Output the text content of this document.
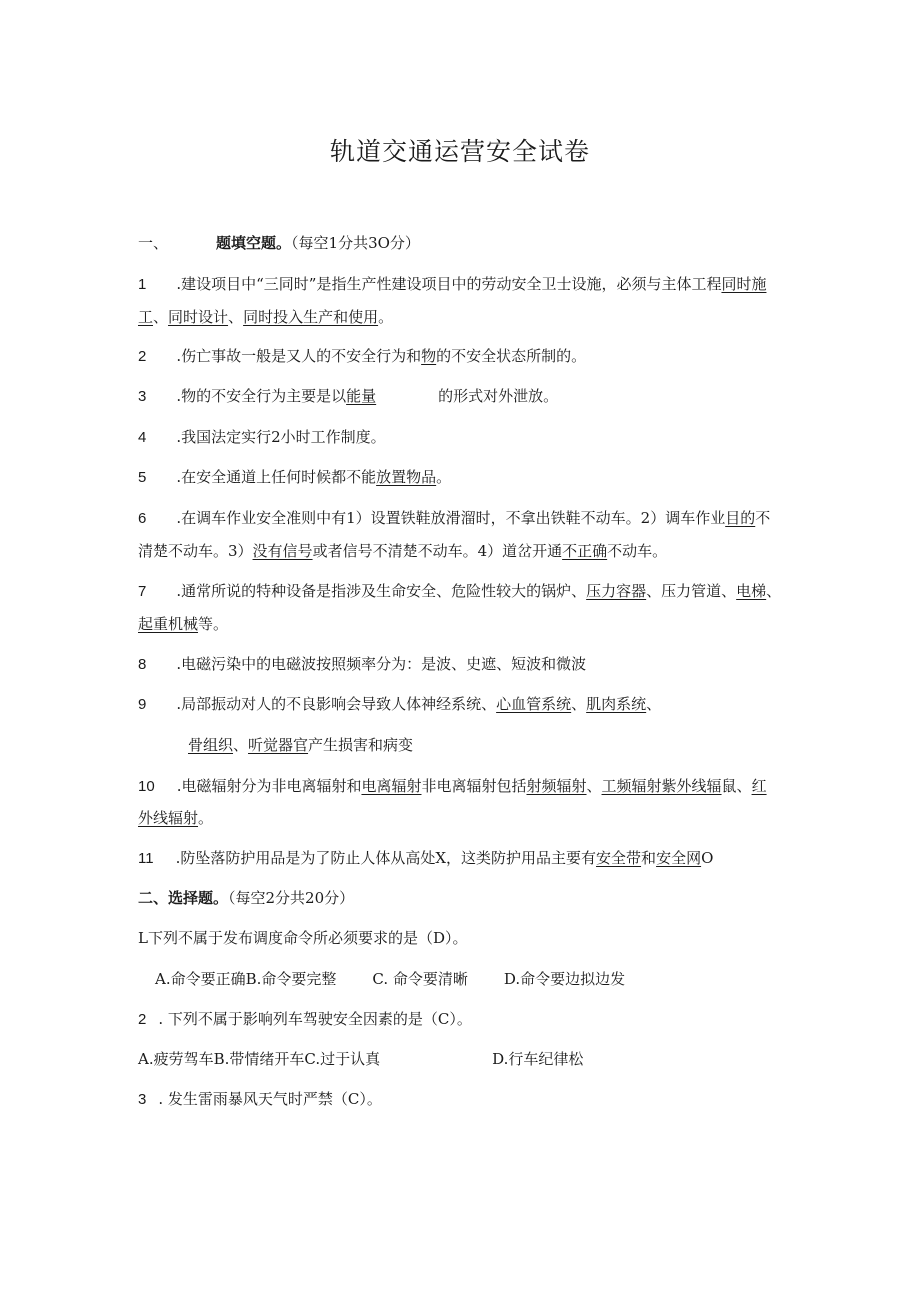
轨道交通运营安全试卷
一、	题填空题。（每空1分共3O分）
1 .建设项目中“三同时”是指生产性建设项目中的劳动安全卫士设施，必须与主体工程同时施
工、同时设计、同时投入生产和使用。
2 .伤亡事故一般是又人的不安全行为和物的不安全状态所制的。
3 .物的不安全行为主要是以能量	的形式对外泄放。
4 .我国法定实行2小时工作制度。
5 .在安全通道上任何时候都不能放置物品。
6 .在调车作业安全准则中有1）设置铁鞋放滑溜时，不拿出铁鞋不动车。2）调车作业目的不
清楚不动车。3）没有信号或者信号不清楚不动车。4）道岔开通不正确不动车。
7 .通常所说的特种设备是指涉及生命安全、危险性较大的锅炉、压力容器、压力管道、电梯、
起重机械等。
8 .电磁污染中的电磁波按照频率分为：是波、史遮、短波和微波
9 .局部振动对人的不良影响会导致人体神经系统、心血管系统、肌肉系统、
骨组织、听觉器官产生损害和病变
10 .电磁辐射分为非电离辐射和电离辐射非电离辐射包括射频辐射、工频辐射紫外线辐鼠、红
外线辐射。
11 .防坠落防护用品是为了防止人体从高处X，这类防护用品主要有安全带和安全网O
二、选择题。（每空2分共20分）
L下列不属于发布调度命令所必须要求的是（D）。
A.命令要正确B.命令要完整 C. 命令要清晰 D.命令要边拟边发
2 . 下列不属于影响列车驾驶安全因素的是（C）。
A.疲劳驾车B.带情绪开车C.过于认真	D.行车纪律松
3 . 发生雷雨暴风天气时严禁（C）。
